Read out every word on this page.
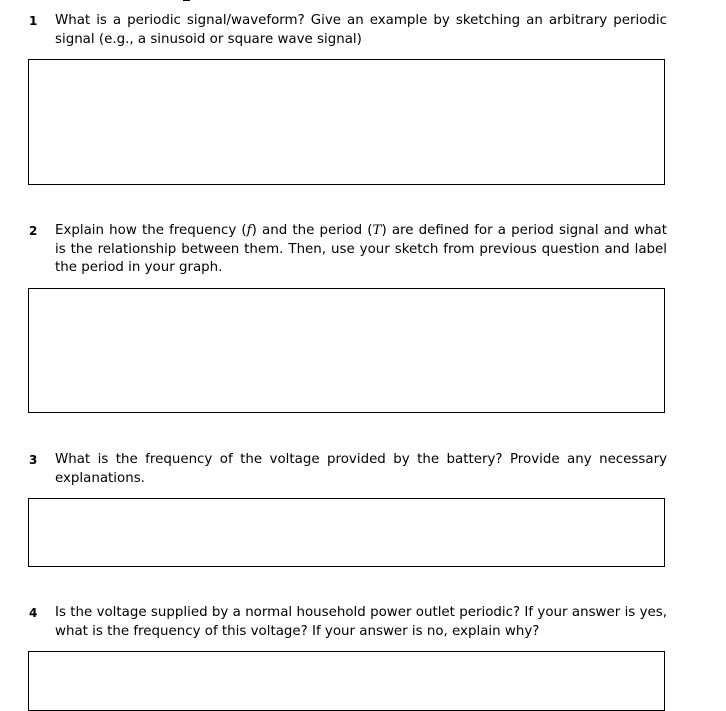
1 What is a periodic signal/waveform? Give an example by sketching an arbitrary periodic signal (e.g., a sinusoid or square wave signal)
2 Explain how the frequency (f) and the period (T) are defined for a period signal and what is the relationship between them. Then, use your sketch from previous question and label the period in your graph.
3 What is the frequency of the voltage provided by the battery? Provide any necessary explanations.
4 Is the voltage supplied by a normal household power outlet periodic? If your answer is yes, what is the frequency of this voltage? If your answer is no, explain why?
